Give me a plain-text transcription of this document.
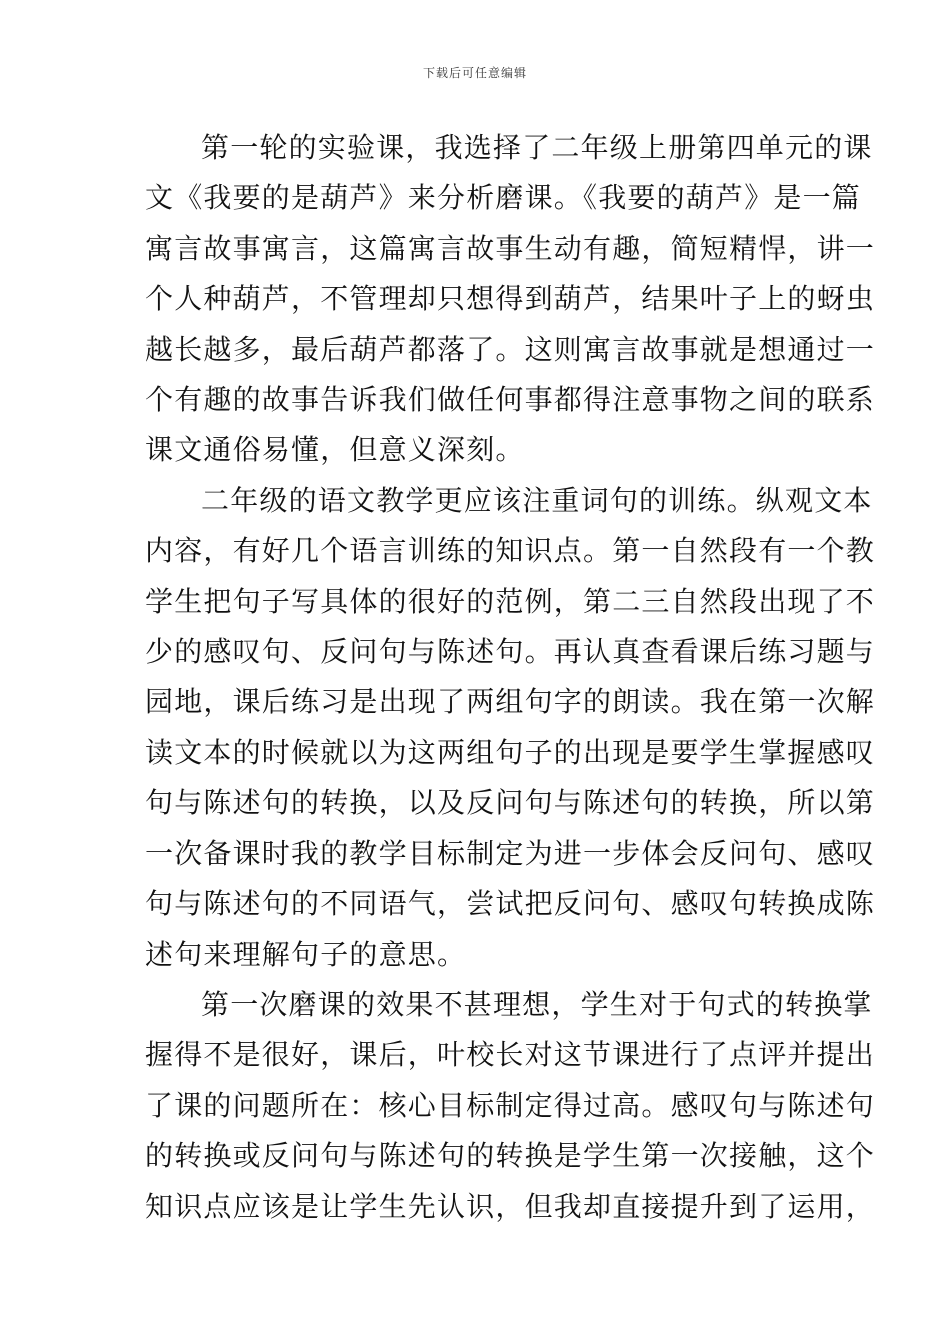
下载后可任意编辑

第一轮的实验课，我选择了二年级上册第四单元的课
文《我要的是葫芦》来分析磨课。《我要的葫芦》是一篇
寓言故事寓言，这篇寓言故事生动有趣，简短精悍，讲一
个人种葫芦，不管理却只想得到葫芦，结果叶子上的蚜虫
越长越多，最后葫芦都落了。这则寓言故事就是想通过一
个有趣的故事告诉我们做任何事都得注意事物之间的联系
课文通俗易懂，但意义深刻。

二年级的语文教学更应该注重词句的训练。纵观文本
内容，有好几个语言训练的知识点。第一自然段有一个教
学生把句子写具体的很好的范例，第二三自然段出现了不
少的感叹句、反问句与陈述句。再认真查看课后练习题与
园地，课后练习是出现了两组句字的朗读。我在第一次解
读文本的时候就以为这两组句子的出现是要学生掌握感叹
句与陈述句的转换，以及反问句与陈述句的转换，所以第
一次备课时我的教学目标制定为进一步体会反问句、感叹
句与陈述句的不同语气，尝试把反问句、感叹句转换成陈
述句来理解句子的意思。

第一次磨课的效果不甚理想，学生对于句式的转换掌
握得不是很好，课后，叶校长对这节课进行了点评并提出
了课的问题所在：核心目标制定得过高。感叹句与陈述句
的转换或反问句与陈述句的转换是学生第一次接触，这个
知识点应该是让学生先认识，但我却直接提升到了运用，
